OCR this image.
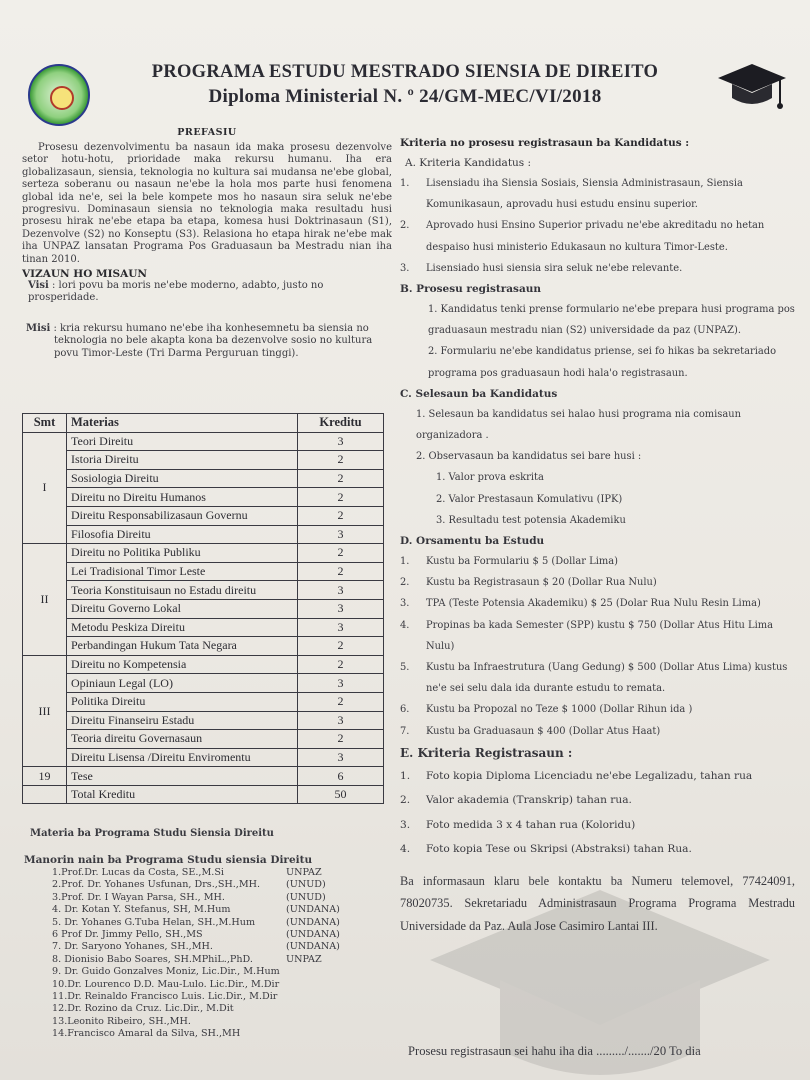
PROGRAMA ESTUDU MESTRADO SIENSIA DE DIREITO
Diploma Ministerial N. º 24/GM-MEC/VI/2018
PREFASIU

Prosesu dezenvolvimentu ba nasaun ida maka prosesu dezenvolve setor hotu-hotu, prioridade maka rekursu humanu. Iha era globalizasaun, siensia, teknologia no kultura sai mudansa ne'ebe global, serteza soberanu ou nasaun ne'ebe la hola mos parte husi fenomena global ida ne'e, sei la bele kompete mos ho nasaun sira seluk ne'ebe progresivu. Dominasaun siensia no teknologia maka resultadu husi prosesu hirak ne'ebe etapa ba etapa, komesa husi Doktrinasaun (S1), Dezenvolve (S2) no Konseptu (S3). Relasiona ho etapa hirak ne'ebe mak iha UNPAZ lansatan Programa Pos Graduasaun ba Mestradu nian iha tinan 2010.

VIZAUN HO MISAUN

Visi : lori povu ba moris ne'ebe moderno, adabto, justo no prosperidade.

Misi : kria rekursu humano ne'ebe iha konhesemnetu ba siensia no teknologia no bele akapta kona ba dezenvolve sosio no kultura povu Timor-Leste (Tri Darma Perguruan tinggi).

Smt	Materias	Kreditu
I	Teori Direitu	3
	Istoria Direitu	2
	Sosiologia Direitu	2
	Direitu no Direitu Humanos	2
	Direitu Responsabilizasaun Governu	2
	Filosofia Direitu	3
II	Direitu no Politika Publiku	2
	Lei Tradisional Timor Leste	2
	Teoria Konstituisaun no Estadu direitu	3
	Direitu Governo Lokal	3
	Metodu Peskiza Direitu	3
	Perbandingan Hukum Tata Negara	2
III	Direitu no Kompetensia	2
	Opiniaun Legal (LO)	3
	Politika Direitu	2
	Direitu Finanseiru Estadu	3
	Teoria direitu Governasaun	2
	Direitu Lisensa /Direitu Enviromentu	3
19	Tese	6
	Total Kreditu	50
Materia ba Programa Studu Siensia Direitu
Manorin nain ba Programa Studu siensia Direitu
1.Prof.Dr. Lucas da Costa, SE.,M.Si	UNPAZ
2.Prof. Dr. Yohanes Usfunan, Drs.,SH.,MH.	(UNUD)
3.Prof. Dr. I Wayan Parsa, SH., MH.	(UNUD)
4. Dr. Kotan Y. Stefanus, SH, M.Hum	(UNDANA)
5. Dr. Yohanes G.Tuba Helan, SH.,M.Hum	(UNDANA)
6 Prof Dr. Jimmy Pello, SH.,MS	(UNDANA)
7. Dr. Saryono Yohanes, SH.,MH.	(UNDANA)
8. Dionisio Babo Soares, SH.MPhiL.,PhD.	UNPAZ
9. Dr. Guido Gonzalves Moniz, Lic.Dir., M.Hum
10.Dr. Lourenco D.D. Mau-Lulo. Lic.Dir., M.Dir
11.Dr. Reinaldo Francisco Luis. Lic.Dir., M.Dir
12.Dr. Rozino da Cruz. Lic.Dir., M.Dit
13.Leonito Ribeiro, SH.,MH.
14.Francisco Amaral da Silva, SH.,MH
Kriteria no prosesu registrasaun ba Kandidatus :
A. Kriteria Kandidatus :
1.	Lisensiadu iha Siensia Sosiais, Siensia Administrasaun, Siensia Komunikasaun, aprovadu husi estudu ensinu superior.
2.	Aprovado husi Ensino Superior privadu ne'ebe akreditadu no hetan despaiso husi ministerio Edukasaun no kultura Timor-Leste.
3.	Lisensiado husi siensia sira seluk ne'ebe relevante.
B. Prosesu registrasaun
1. Kandidatus tenki prense formulario ne'ebe prepara husi programa pos graduasaun mestradu nian (S2) universidade da paz (UNPAZ).
2. Formulariu ne'ebe kandidatus priense, sei fo hikas ba sekretariado programa pos graduasaun hodi hala'o registrasaun.
C. Selesaun ba Kandidatus
1. Selesaun ba kandidatus sei halao husi programa nia comisaun organizadora .
2. Observasaun ba kandidatus sei bare husi :
1. Valor prova eskrita
2. Valor Prestasaun Komulativu (IPK)
3. Resultadu test potensia Akademiku
D. Orsamentu ba Estudu
1.	Kustu ba Formulariu $ 5 (Dollar Lima)
2.	Kustu ba Registrasaun $ 20 (Dollar Rua Nulu)
3.	TPA (Teste Potensia Akademiku) $ 25 (Dolar Rua Nulu Resin Lima)
4.	Propinas ba kada Semester (SPP) kustu $ 750 (Dollar Atus Hitu Lima Nulu)
5.	Kustu ba Infraestrutura (Uang Gedung) $ 500 (Dollar Atus Lima) kustus ne'e sei selu dala ida durante estudu to remata.
6.	Kustu ba Propozal no Teze $ 1000 (Dollar Rihun ida )
7.	Kustu ba Graduasaun $ 400 (Dollar Atus Haat)
E. Kriteria Registrasaun :
1.	Foto kopia Diploma Licenciadu ne'ebe Legalizadu, tahan rua
2.	Valor akademia (Transkrip) tahan rua.
3.	Foto medida 3 x 4 tahan rua (Koloridu)
4.	Foto kopia Tese ou Skripsi (Abstraksi) tahan Rua.

Ba informasaun klaru bele kontaktu ba Numeru telemovel, 77424091, 78020735. Sekretariadu Administrasaun Programa Programa Mestradu Universidade da Paz. Aula Jose Casimiro Lantai III.

Prosesu registrasaun sei hahu iha dia ........./......./20 To dia
